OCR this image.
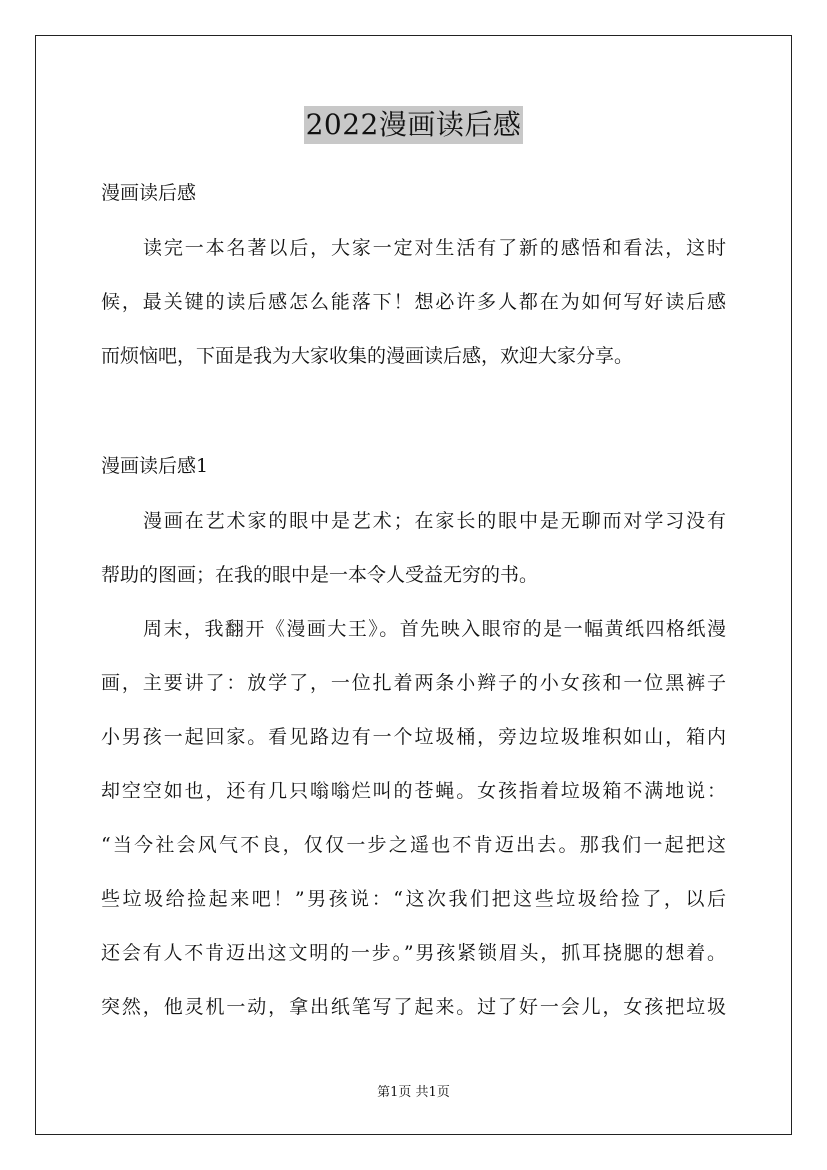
2022漫画读后感

漫画读后感

读完一本名著以后，大家一定对生活有了新的感悟和看法，这时

候，最关键的读后感怎么能落下！想必许多人都在为如何写好读后感

而烦恼吧，下面是我为大家收集的漫画读后感，欢迎大家分享。

漫画读后感1

漫画在艺术家的眼中是艺术；在家长的眼中是无聊而对学习没有

帮助的图画；在我的眼中是一本令人受益无穷的书。

周末，我翻开《漫画大王》。首先映入眼帘的是一幅黄纸四格纸漫

画，主要讲了：放学了，一位扎着两条小辫子的小女孩和一位黑裤子

小男孩一起回家。看见路边有一个垃圾桶，旁边垃圾堆积如山，箱内

却空空如也，还有几只嗡嗡烂叫的苍蝇。女孩指着垃圾箱不满地说：

“当今社会风气不良，仅仅一步之遥也不肯迈出去。那我们一起把这

些垃圾给捡起来吧！”男孩说：“这次我们把这些垃圾给捡了，以后

还会有人不肯迈出这文明的一步。”男孩紧锁眉头，抓耳挠腮的想着。

突然，他灵机一动，拿出纸笔写了起来。过了好一会儿，女孩把垃圾

第1页 共1页
